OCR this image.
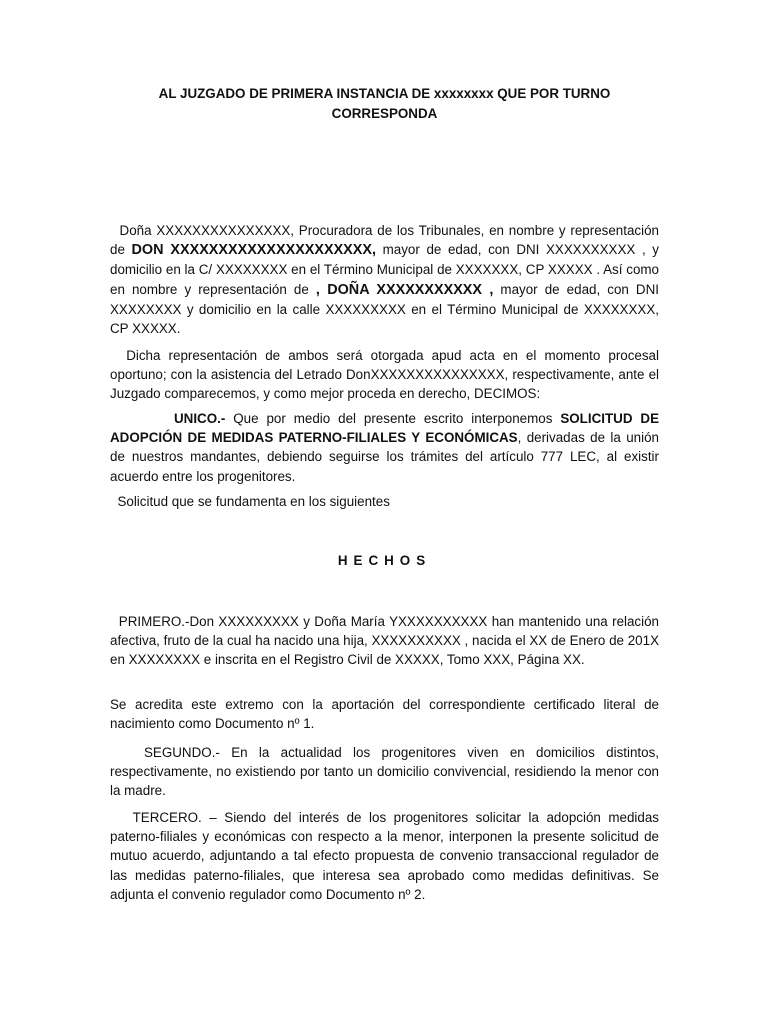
AL JUZGADO DE PRIMERA INSTANCIA DE xxxxxxxx QUE POR TURNO
CORRESPONDA
Doña XXXXXXXXXXXXXXX, Procuradora de los Tribunales, en nombre y representación de DON XXXXXXXXXXXXXXXXXXXXX, mayor de edad, con DNI XXXXXXXXXX , y domicilio en la C/ XXXXXXXX en el Término Municipal de XXXXXXX, CP XXXXX . Así como en nombre y representación de , DOÑA XXXXXXXXXXX , mayor de edad, con DNI XXXXXXXX y domicilio en la calle XXXXXXXXX en el Término Municipal de XXXXXXXX, CP XXXXX.
Dicha representación de ambos será otorgada apud acta en el momento procesal oportuno; con la asistencia del Letrado DonXXXXXXXXXXXXXXX, respectivamente, ante el Juzgado comparecemos, y como mejor proceda en derecho, DECIMOS:
UNICO.- Que por medio del presente escrito interponemos SOLICITUD DE ADOPCIÓN DE MEDIDAS PATERNO-FILIALES Y ECONÓMICAS, derivadas de la unión de nuestros mandantes, debiendo seguirse los trámites del artículo 777 LEC, al existir acuerdo entre los progenitores.
Solicitud que se fundamenta en los siguientes
HECHOS
PRIMERO.-Don XXXXXXXXX y Doña María YXXXXXXXXXX han mantenido una relación afectiva, fruto de la cual ha nacido una hija, XXXXXXXXXX , nacida el XX de Enero de 201X en XXXXXXXX e inscrita en el Registro Civil de XXXXX, Tomo XXX, Página XX.
Se acredita este extremo con la aportación del correspondiente certificado literal de nacimiento como Documento nº 1.
SEGUNDO.- En la actualidad los progenitores viven en domicilios distintos, respectivamente, no existiendo por tanto un domicilio convivencial, residiendo la menor con la madre.
TERCERO. – Siendo del interés de los progenitores solicitar la adopción medidas paterno-filiales y económicas con respecto a la menor, interponen la presente solicitud de mutuo acuerdo, adjuntando a tal efecto propuesta de convenio transaccional regulador de las medidas paterno-filiales, que interesa sea aprobado como medidas definitivas. Se adjunta el convenio regulador como Documento nº 2.
